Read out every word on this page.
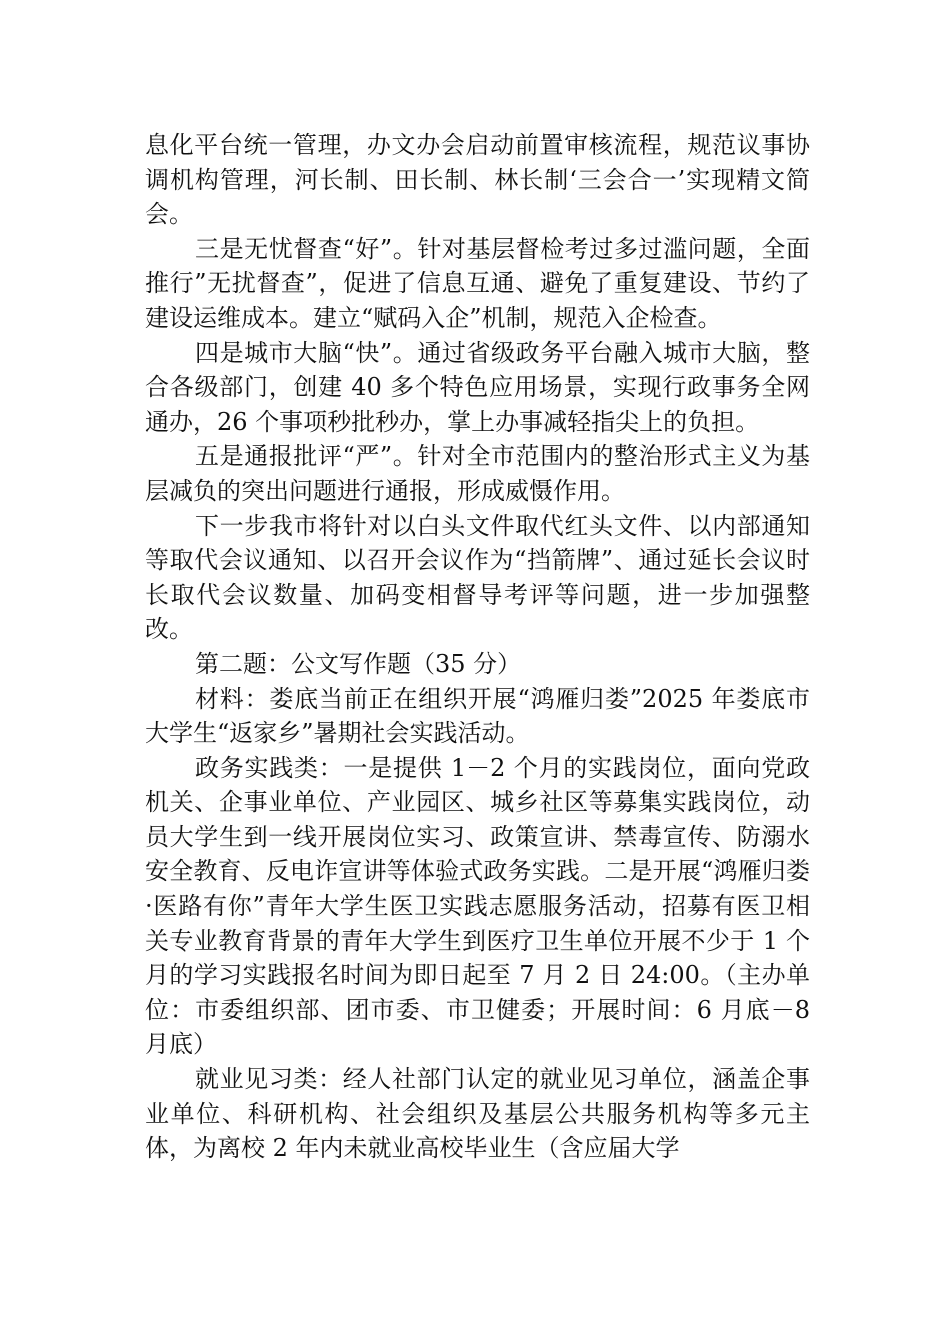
息化平台统一管理，办文办会启动前置审核流程，规范议事协调机构管理，河长制、田长制、林长制‘三会合一’实现精文简会。

三是无忧督查“好”。针对基层督检考过多过滥问题，全面推行”无扰督查”，促进了信息互通、避免了重复建设、节约了建设运维成本。建立“赋码入企”机制，规范入企检查。

四是城市大脑“快”。通过省级政务平台融入城市大脑，整合各级部门，创建 40 多个特色应用场景，实现行政事务全网通办，26 个事项秒批秒办，掌上办事减轻指尖上的负担。

五是通报批评“严”。针对全市范围内的整治形式主义为基层减负的突出问题进行通报，形成威慑作用。

下一步我市将针对以白头文件取代红头文件、以内部通知等取代会议通知、以召开会议作为“挡箭牌”、通过延长会议时长取代会议数量、加码变相督导考评等问题，进一步加强整改。

第二题：公文写作题（35 分）

材料：娄底当前正在组织开展“鸿雁归娄”2025 年娄底市大学生“返家乡”暑期社会实践活动。

政务实践类：一是提供 1－2 个月的实践岗位，面向党政机关、企事业单位、产业园区、城乡社区等募集实践岗位，动员大学生到一线开展岗位实习、政策宣讲、禁毒宣传、防溺水安全教育、反电诈宣讲等体验式政务实践。二是开展“鸿雁归娄·医路有你”青年大学生医卫实践志愿服务活动，招募有医卫相关专业教育背景的青年大学生到医疗卫生单位开展不少于 1 个月的学习实践报名时间为即日起至 7 月 2 日 24:00。（主办单位：市委组织部、团市委、市卫健委；开展时间：6 月底－8 月底）

就业见习类：经人社部门认定的就业见习单位，涵盖企事业单位、科研机构、社会组织及基层公共服务机构等多元主体，为离校 2 年内未就业高校毕业生（含应届大学
